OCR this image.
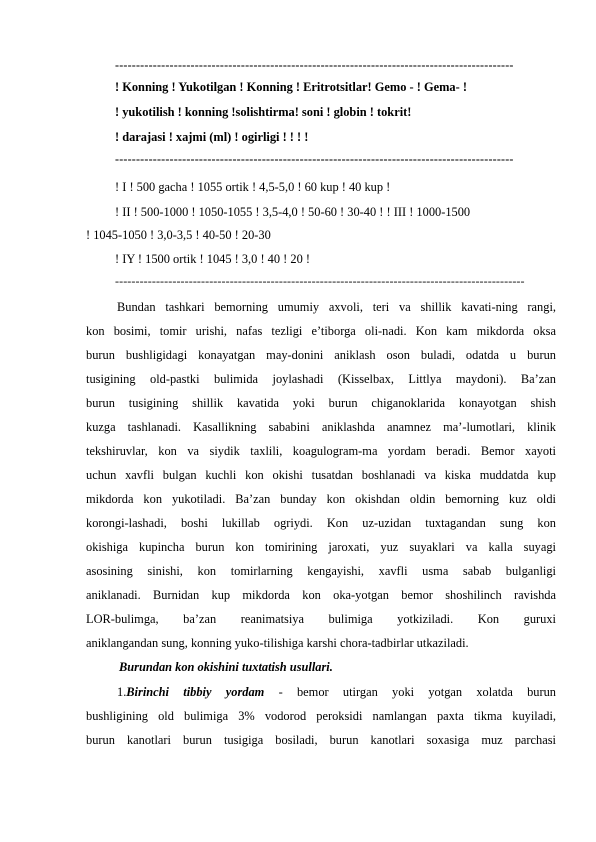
-----------------------------------------------------------------------------------------------
! Konning ! Yukotilgan ! Konning ! Eritrotsitlar! Gemo - ! Gema- !
! yukotilish ! konning !solishtirma! soni ! globin ! tokrit!
! darajasi ! xajmi (ml) ! ogirligi ! ! ! !
-----------------------------------------------------------------------------------------------
! I ! 500 gacha ! 1055 ortik ! 4,5-5,0 ! 60 kup ! 40 kup !
! II ! 500-1000 ! 1050-1055 ! 3,5-4,0 ! 50-60 ! 30-40 ! ! III ! 1000-1500
! 1045-1050 ! 3,0-3,5 ! 40-50 ! 20-30
! IY ! 1500 ortik ! 1045 ! 3,0 ! 40 ! 20 !
----------------------------------------------------------------------------------------------------
Bundan tashkari bemorning umumiy axvoli, teri va shillik kavati-ning rangi,
kon bosimi, tomir urishi, nafas tezligi e’tiborga oli-nadi. Kon kam mikdorda oksa
burun bushligidagi konayatgan may-donini aniklash oson buladi, odatda u burun
tusigining old-pastki bulimida joylashadi (Kisselbax, Littlya maydoni). Ba’zan
burun tusigining shillik kavatida yoki burun chiganoklarida konayotgan shish
kuzga tashlanadi. Kasallikning sababini aniklashda anamnez ma’-lumotlari, klinik
tekshiruvlar, kon va siydik taxlili, koagulogram-ma yordam beradi. Bemor xayoti
uchun xavfli bulgan kuchli kon okishi tusatdan boshlanadi va kiska muddatda kup
mikdorda kon yukotiladi. Ba’zan bunday kon okishdan oldin bemorning kuz oldi
korongi-lashadi, boshi lukillab ogriydi. Kon uz-uzidan tuxtagandan sung kon
okishiga kupincha burun kon tomirining jaroxati, yuz suyaklari va kalla suyagi
asosining sinishi, kon tomirlarning kengayishi, xavfli usma sabab bulganligi
aniklanadi. Burnidan kup mikdorda kon oka-yotgan bemor shoshilinch ravishda
LOR-bulimga, ba’zan reanimatsiya bulimiga yotkiziladi. Kon guruxi
aniklangandan sung, konning yuko-tilishiga karshi chora-tadbirlar utkaziladi.
Burundan kon okishini tuxtatish usullari.
1.Birinchi tibbiy yordam - bemor utirgan yoki yotgan xolatda burun
bushligining old bulimiga 3% vodorod peroksidi namlangan paxta tikma kuyiladi,
burun kanotlari burun tusigiga bosiladi, burun kanotlari soxasiga muz parchasi
